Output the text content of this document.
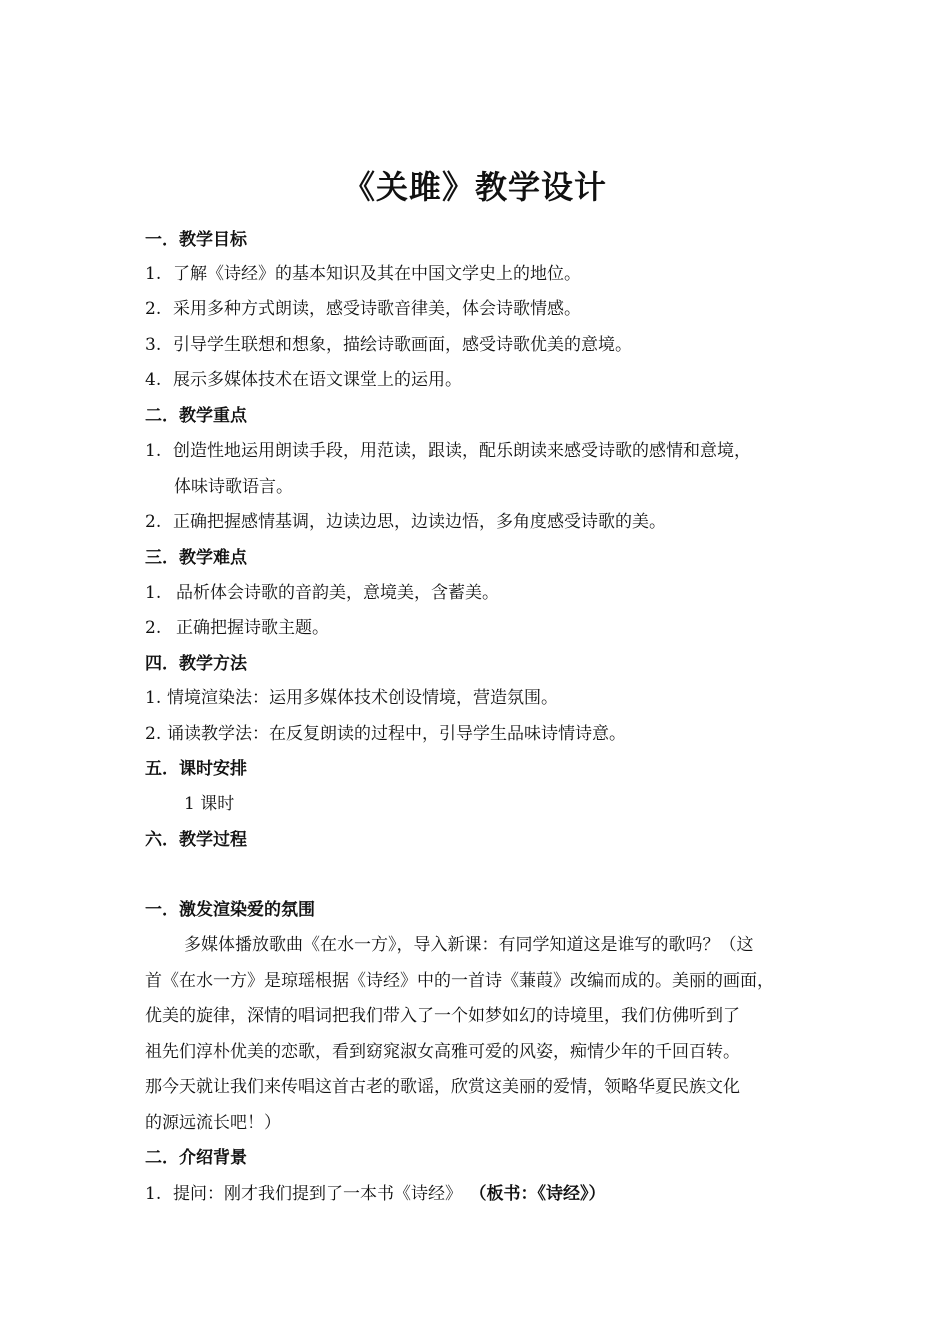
《关雎》教学设计
一．教学目标
1. 了解《诗经》的基本知识及其在中国文学史上的地位。
2. 采用多种方式朗读，感受诗歌音律美，体会诗歌情感。
3. 引导学生联想和想象，描绘诗歌画面，感受诗歌优美的意境。
4. 展示多媒体技术在语文课堂上的运用。
二．教学重点
1. 创造性地运用朗读手段，用范读，跟读，配乐朗读来感受诗歌的感情和意境，
体味诗歌语言。
2. 正确把握感情基调，边读边思，边读边悟，多角度感受诗歌的美。
三．教学难点
1. 品析体会诗歌的音韵美，意境美，含蓄美。
2. 正确把握诗歌主题。
四．教学方法
1. 情境渲染法：运用多媒体技术创设情境，营造氛围。
2. 诵读教学法：在反复朗读的过程中，引导学生品味诗情诗意。
五．课时安排
1 课时
六．教学过程
一．激发渲染爱的氛围
多媒体播放歌曲《在水一方》，导入新课：有同学知道这是谁写的歌吗？（这
首《在水一方》是琼瑶根据《诗经》中的一首诗《蒹葭》改编而成的。美丽的画面，
优美的旋律，深情的唱词把我们带入了一个如梦如幻的诗境里，我们仿佛听到了
祖先们淳朴优美的恋歌，看到窈窕淑女高雅可爱的风姿，痴情少年的千回百转。
那今天就让我们来传唱这首古老的歌谣，欣赏这美丽的爱情，领略华夏民族文化
的源远流长吧！）
二．介绍背景
1. 提问：刚才我们提到了一本书《诗经》 （板书：《诗经》）
